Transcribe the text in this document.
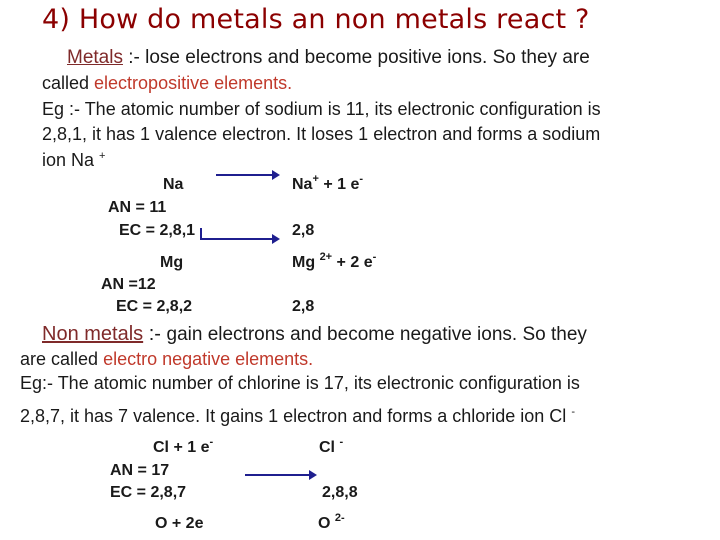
4) How do metals an non metals react ?
Metals :- lose electrons and become positive ions. So they are
called electropositive elements.
Eg :- The atomic number of sodium is 11, its electronic configuration is
2,8,1, it has 1 valence electron. It loses 1 electron and forms a sodium
ion Na +
Na	Na+ + 1 e-
AN = 11
EC = 2,8,1	2,8
Mg	Mg $^{2+}$ + 2 e-
AN =12
EC = 2,8,2	2,8
Non metals :- gain electrons and become negative ions. So they
are called electro negative elements.
Eg:- The atomic number of chlorine is 17, its electronic configuration is
2,8,7, it has 7 valence. It gains 1 electron and forms a chloride ion Cl -
Cl + 1 e-	Cl -
AN = 17
EC = 2,8,7	2,8,8
O + 2e	O $^{2-}$
